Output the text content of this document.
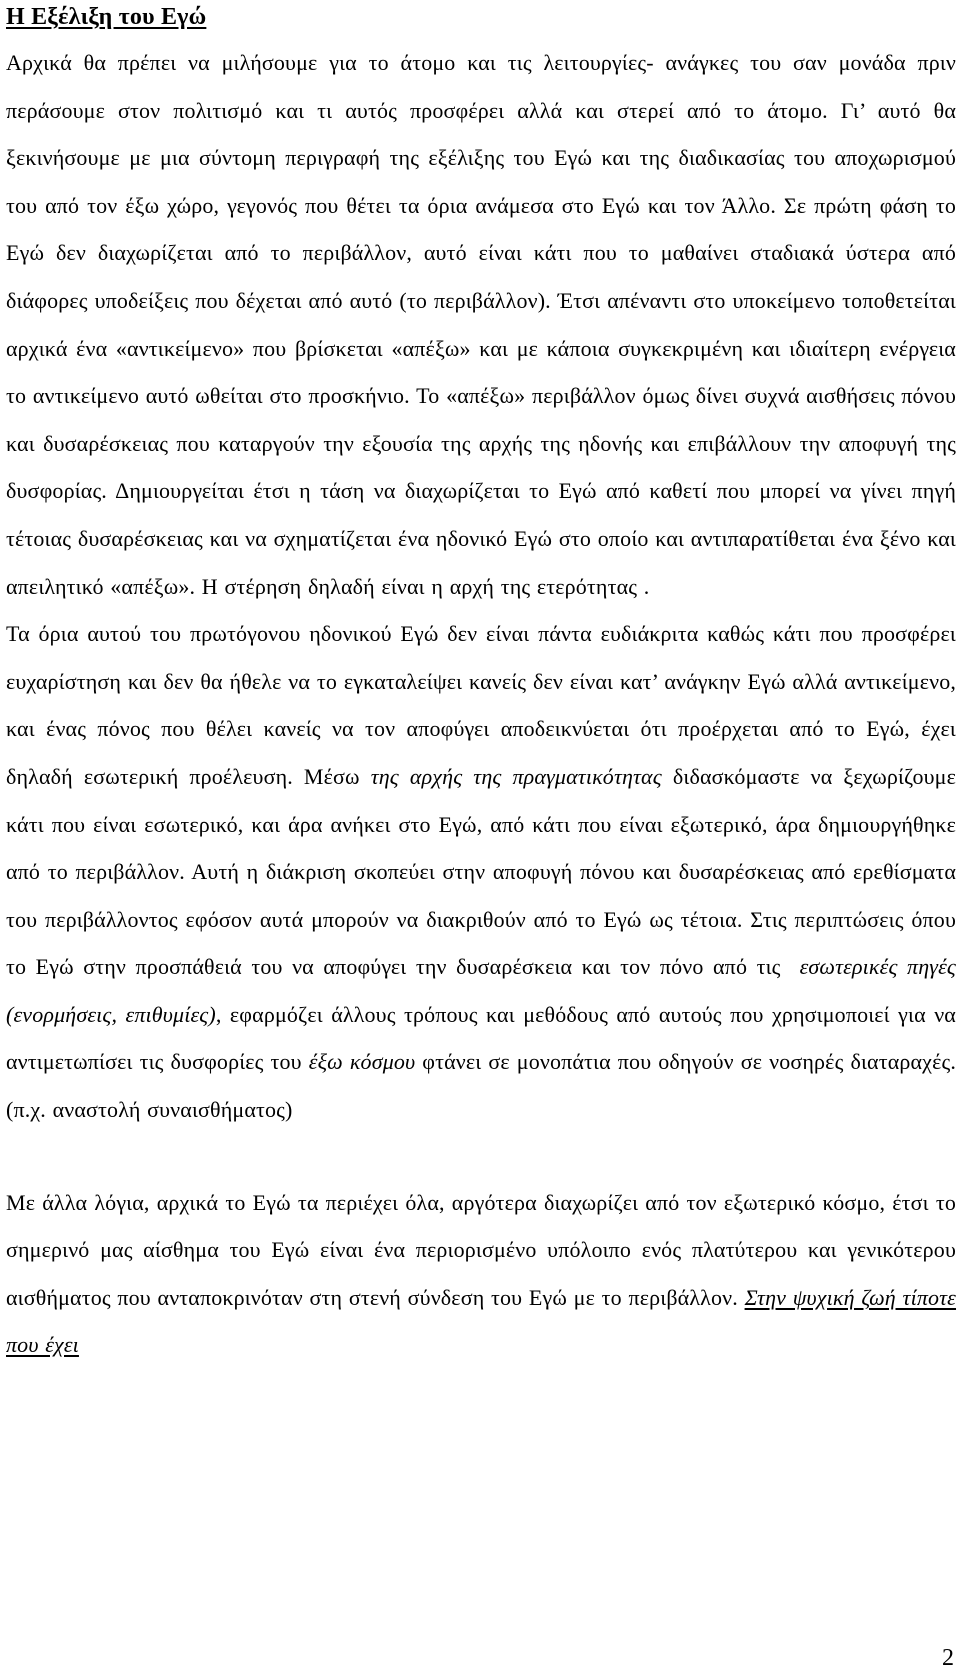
Η Εξέλιξη του Εγώ

Αρχικά θα πρέπει να μιλήσουμε για το άτομο και τις λειτουργίες- ανάγκες του σαν μονάδα πριν περάσουμε στον πολιτισμό και τι αυτός προσφέρει αλλά και στερεί από το άτομο. Γι’ αυτό θα ξεκινήσουμε με μια σύντομη περιγραφή της εξέλιξης του Εγώ και της διαδικασίας του αποχωρισμού του από τον έξω χώρο, γεγονός που θέτει τα όρια ανάμεσα στο Εγώ και τον Άλλο. Σε πρώτη φάση το Εγώ δεν διαχωρίζεται από το περιβάλλον, αυτό είναι κάτι που το μαθαίνει σταδιακά ύστερα από διάφορες υποδείξεις που δέχεται από αυτό (το περιβάλλον). Έτσι απέναντι στο υποκείμενο τοποθετείται αρχικά ένα «αντικείμενο» που βρίσκεται «απέξω» και με κάποια συγκεκριμένη και ιδιαίτερη ενέργεια το αντικείμενο αυτό ωθείται στο προσκήνιο. Το «απέξω» περιβάλλον όμως δίνει συχνά αισθήσεις πόνου και δυσαρέσκειας που καταργούν την εξουσία της αρχής της ηδονής και επιβάλλουν την αποφυγή της δυσφορίας. Δημιουργείται έτσι η τάση να διαχωρίζεται το Εγώ από καθετί που μπορεί να γίνει πηγή τέτοιας δυσαρέσκειας και να σχηματίζεται ένα ηδονικό Εγώ στο οποίο και αντιπαρατίθεται ένα ξένο και απειλητικό «απέξω». Η στέρηση δηλαδή είναι η αρχή της ετερότητας .

Τα όρια αυτού του πρωτόγονου ηδονικού Εγώ δεν είναι πάντα ευδιάκριτα καθώς κάτι που προσφέρει ευχαρίστηση και δεν θα ήθελε να το εγκαταλείψει κανείς δεν είναι κατ’ ανάγκην Εγώ αλλά αντικείμενο, και ένας πόνος που θέλει κανείς να τον αποφύγει αποδεικνύεται ότι προέρχεται από το Εγώ, έχει δηλαδή εσωτερική προέλευση. Μέσω της αρχής της πραγματικότητας διδασκόμαστε να ξεχωρίζουμε κάτι που είναι εσωτερικό, και άρα ανήκει στο Εγώ, από κάτι που είναι εξωτερικό, άρα δημιουργήθηκε από το περιβάλλον. Αυτή η διάκριση σκοπεύει στην αποφυγή πόνου και δυσαρέσκειας από ερεθίσματα του περιβάλλοντος εφόσον αυτά μπορούν να διακριθούν από το Εγώ ως τέτοια. Στις περιπτώσεις όπου το Εγώ στην προσπάθειά του να αποφύγει την δυσαρέσκεια και τον πόνο από τις εσωτερικές πηγές (ενορμήσεις, επιθυμίες), εφαρμόζει άλλους τρόπους και μεθόδους από αυτούς που χρησιμοποιεί για να αντιμετωπίσει τις δυσφορίες του έξω κόσμου φτάνει σε μονοπάτια που οδηγούν σε νοσηρές διαταραχές. (π.χ. αναστολή συναισθήματος)

Με άλλα λόγια, αρχικά το Εγώ τα περιέχει όλα, αργότερα διαχωρίζει από τον εξωτερικό κόσμο, έτσι το σημερινό μας αίσθημα του Εγώ είναι ένα περιορισμένο υπόλοιπο ενός πλατύτερου και γενικότερου αισθήματος που ανταποκρινόταν στη στενή σύνδεση του Εγώ με το περιβάλλον. Στην ψυχική ζωή τίποτε που έχει

2
